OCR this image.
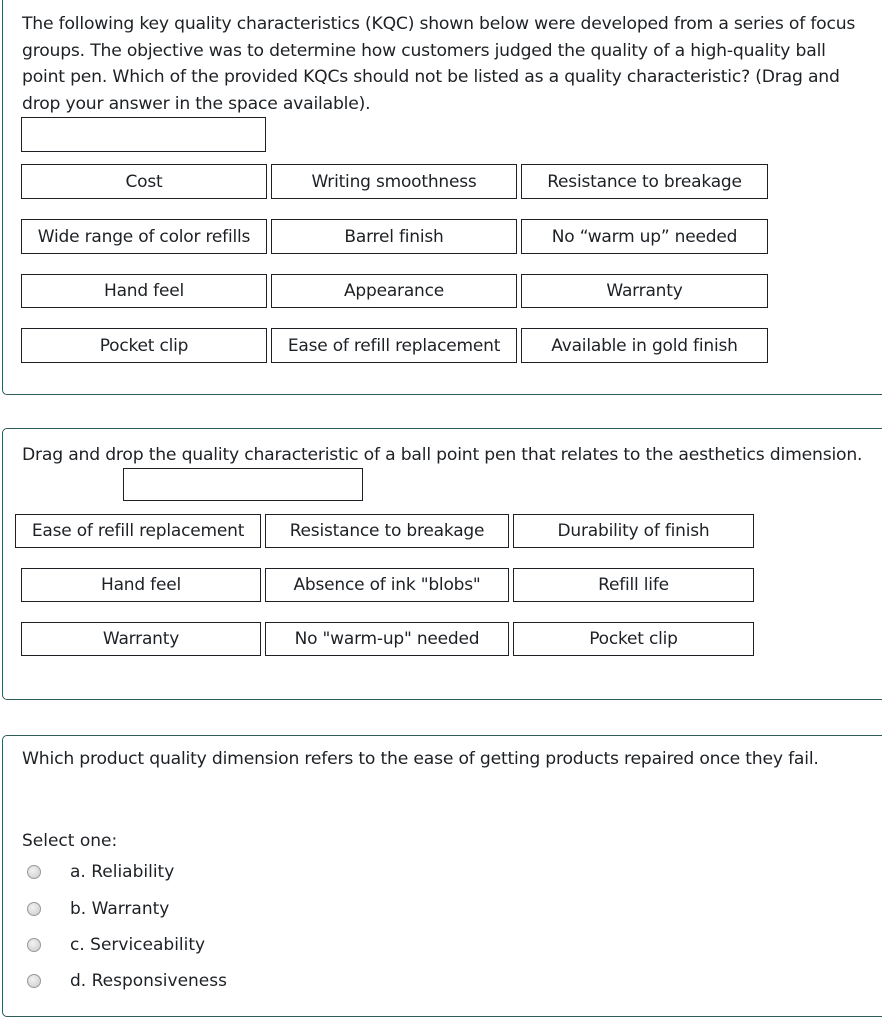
The following key quality characteristics (KQC) shown below were developed from a series of focus groups. The objective was to determine how customers judged the quality of a high-quality ball point pen. Which of the provided KQCs should not be listed as a quality characteristic? (Drag and drop your answer in the space available).
Cost	Writing smoothness	Resistance to breakage
Wide range of color refills	Barrel finish	No “warm up” needed
Hand feel	Appearance	Warranty
Pocket clip	Ease of refill replacement	Available in gold finish
Drag and drop the quality characteristic of a ball point pen that relates to the aesthetics dimension.
Ease of refill replacement	Resistance to breakage	Durability of finish
Hand feel	Absence of ink "blobs"	Refill life
Warranty	No "warm-up" needed	Pocket clip
Which product quality dimension refers to the ease of getting products repaired once they fail.
Select one:
a. Reliability
b. Warranty
c. Serviceability
d. Responsiveness
